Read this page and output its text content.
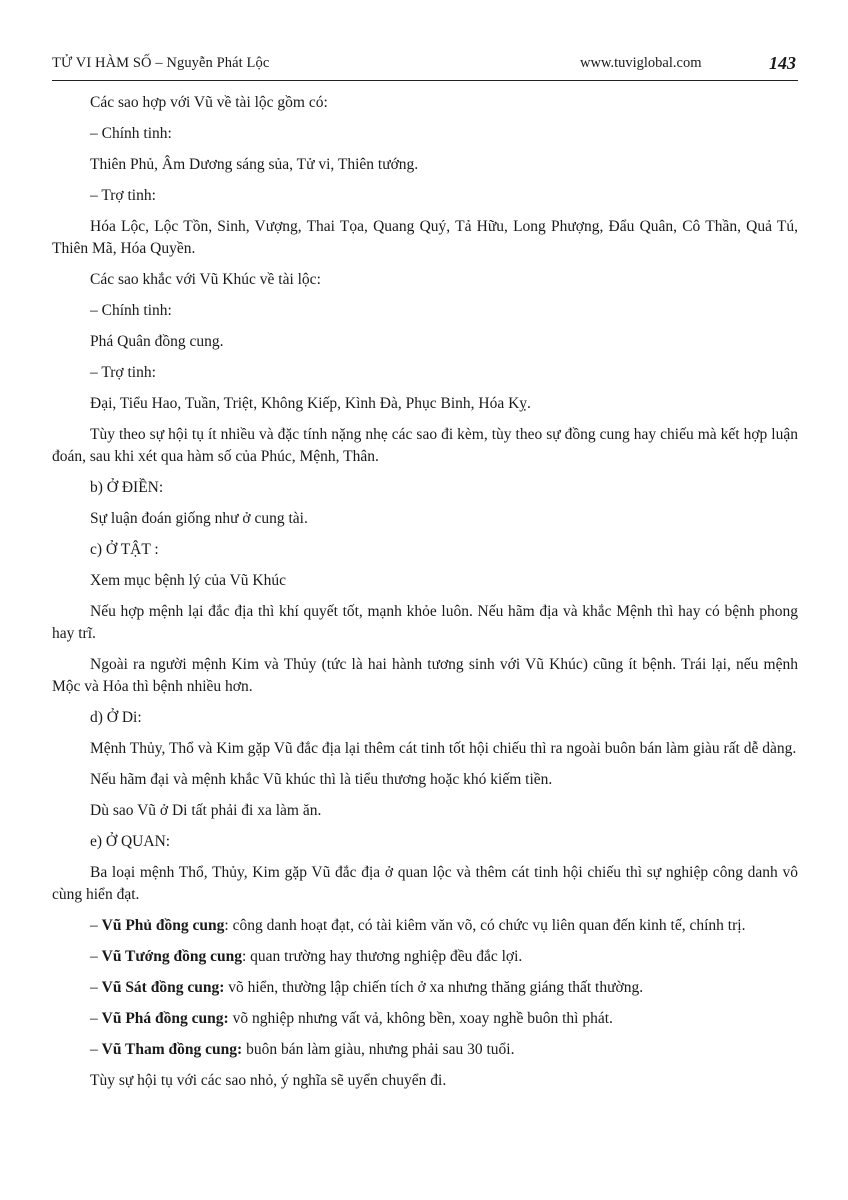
TỬ VI HÀM SỐ – Nguyễn Phát Lộc	www.tuviglobal.com	143

Các sao hợp với Vũ về tài lộc gồm có:

– Chính tinh:

Thiên Phủ, Âm Dương sáng sủa, Tử vi, Thiên tướng.

– Trợ tinh:

Hóa Lộc, Lộc Tồn, Sinh, Vượng, Thai Tọa, Quang Quý, Tả Hữu, Long Phượng, Đẩu Quân, Cô Thần, Quả Tú, Thiên Mã, Hóa Quyền.

Các sao khắc với Vũ Khúc về tài lộc:

– Chính tinh:

Phá Quân đồng cung.

– Trợ tinh:

Đại, Tiểu Hao, Tuần, Triệt, Không Kiếp, Kình Đà, Phục Binh, Hóa Kỵ.

Tùy theo sự hội tụ ít nhiều và đặc tính nặng nhẹ các sao đi kèm, tùy theo sự đồng cung hay chiếu mà kết hợp luận đoán, sau khi xét qua hàm số của Phúc, Mệnh, Thân.

b) Ở ĐIỀN:

Sự luận đoán giống như ở cung tài.

c) Ở TẬT :

Xem mục bệnh lý của Vũ Khúc

Nếu hợp mệnh lại đắc địa thì khí quyết tốt, mạnh khỏe luôn. Nếu hãm địa và khắc Mệnh thì hay có bệnh phong hay trĩ.

Ngoài ra người mệnh Kim và Thủy (tức là hai hành tương sinh với Vũ Khúc) cũng ít bệnh. Trái lại, nếu mệnh Mộc và Hỏa thì bệnh nhiều hơn.

d) Ở Di:

Mệnh Thủy, Thổ và Kim gặp Vũ đắc địa lại thêm cát tinh tốt hội chiếu thì ra ngoài buôn bán làm giàu rất dễ dàng.

Nếu hãm đại và mệnh khắc Vũ khúc thì là tiểu thương hoặc khó kiếm tiền.

Dù sao Vũ ở Di tất phải đi xa làm ăn.

e) Ở QUAN:

Ba loại mệnh Thổ, Thủy, Kim gặp Vũ đắc địa ở quan lộc và thêm cát tinh hội chiếu thì sự nghiệp công danh vô cùng hiển đạt.

– Vũ Phủ đồng cung: công danh hoạt đạt, có tài kiêm văn võ, có chức vụ liên quan đến kinh tế, chính trị.

– Vũ Tướng đồng cung: quan trường hay thương nghiệp đều đắc lợi.

– Vũ Sát đồng cung: võ hiển, thường lập chiến tích ở xa nhưng thăng giáng thất thường.

– Vũ Phá đồng cung: võ nghiệp nhưng vất vả, không bền, xoay nghề buôn thì phát.

– Vũ Tham đồng cung: buôn bán làm giàu, nhưng phải sau 30 tuổi.

Tùy sự hội tụ với các sao nhỏ, ý nghĩa sẽ uyển chuyển đi.
